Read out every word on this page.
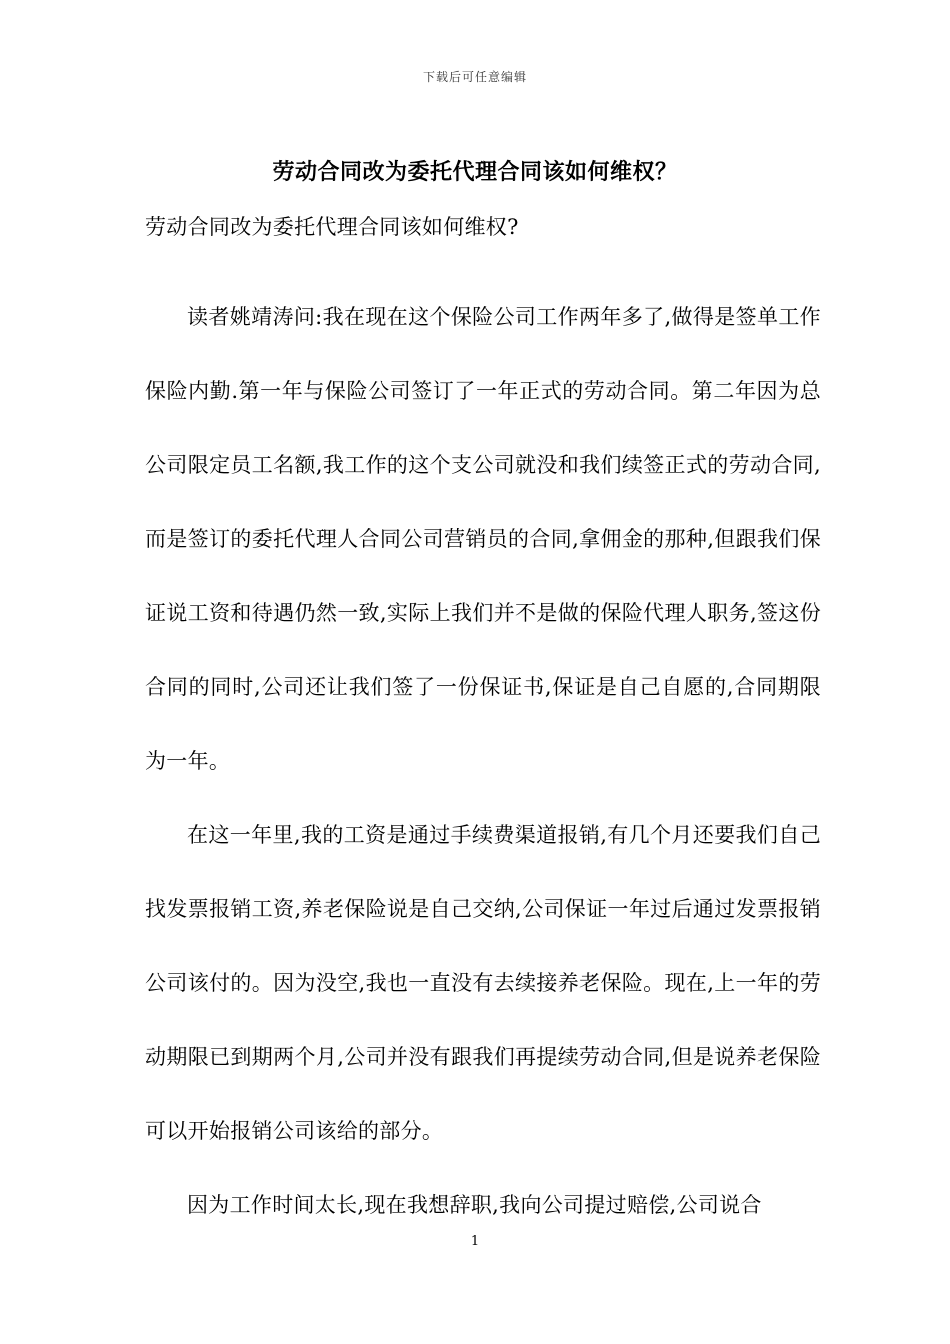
下载后可任意编辑
劳动合同改为委托代理合同该如何维权？
劳动合同改为委托代理合同该如何维权?

读者姚靖涛问:我在现在这个保险公司工作两年多了,做得是签单工作保险内勤.第一年与保险公司签订了一年正式的劳动合同。第二年因为总公司限定员工名额,我工作的这个支公司就没和我们续签正式的劳动合同,而是签订的委托代理人合同公司营销员的合同,拿佣金的那种,但跟我们保证说工资和待遇仍然一致,实际上我们并不是做的保险代理人职务,签这份合同的同时,公司还让我们签了一份保证书,保证是自己自愿的,合同期限为一年。

在这一年里,我的工资是通过手续费渠道报销,有几个月还要我们自己找发票报销工资,养老保险说是自己交纳,公司保证一年过后通过发票报销公司该付的。因为没空,我也一直没有去续接养老保险。现在,上一年的劳动期限已到期两个月,公司并没有跟我们再提续劳动合同,但是说养老保险可以开始报销公司该给的部分。

因为工作时间太长,现在我想辞职,我向公司提过赔偿,公司说合

1
